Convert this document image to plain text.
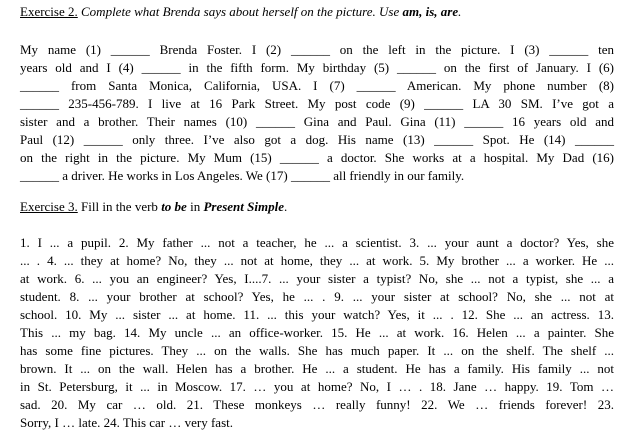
Exercise 2. Complete what Brenda says about herself on the picture. Use am, is, are.
My name (1) ______ Brenda Foster. I (2) ______ on the left in the picture. I (3) ______ ten
years old and I (4) ______ in the fifth form. My birthday (5) ______ on the first of January. I (6)
______ from Santa Monica, California, USA. I (7) ______ American. My phone number (8)
______ 235-456-789. I live at 16 Park Street. My post code (9) ______ LA 30 SM. I’ve got a
sister and a brother. Their names (10) ______ Gina and Paul. Gina (11) ______ 16 years old and
Paul (12) ______ only three. I’ve also got a dog. His name (13) ______ Spot. He (14) ______
on the right in the picture. My Mum (15) ______ a doctor. She works at a hospital. My Dad (16)
______ a driver. He works in Los Angeles. We (17) ______ all friendly in our family.
Exercise 3. Fill in the verb to be in Present Simple.
1. I ... a pupil. 2. My father ... not a teacher, he ... a scientist. 3. ... your aunt a doctor? Yes, she
... . 4. ... they at home? No, they ... not at home, they ... at work. 5. My brother ... a worker. He ...
at work. 6. ... you an engineer? Yes, I....7. ... your sister a typist? No, she ... not a typist, she ... a
student. 8. ... your brother at school? Yes, he ... . 9. ... your sister at school? No, she ... not at
school. 10. My ... sister ... at home. 11. ... this your watch? Yes, it ... . 12. She ... an actress. 13.
This ... my bag. 14. My uncle ... an office-worker. 15. He ... at work. 16. Helen ... a painter. She
has some fine pictures. They ... on the walls. She has much paper. It ... on the shelf. The shelf ...
brown. It ... on the wall. Helen has a brother. He ... a student. He has a family. His family ... not
in St. Petersburg, it ... in Moscow. 17. … you at home? No, I … . 18. Jane … happy. 19. Tom …
sad. 20. My car … old. 21. These monkeys … really funny! 22. We … friends forever! 23.
Sorry, I … late. 24. This car … very fast.
